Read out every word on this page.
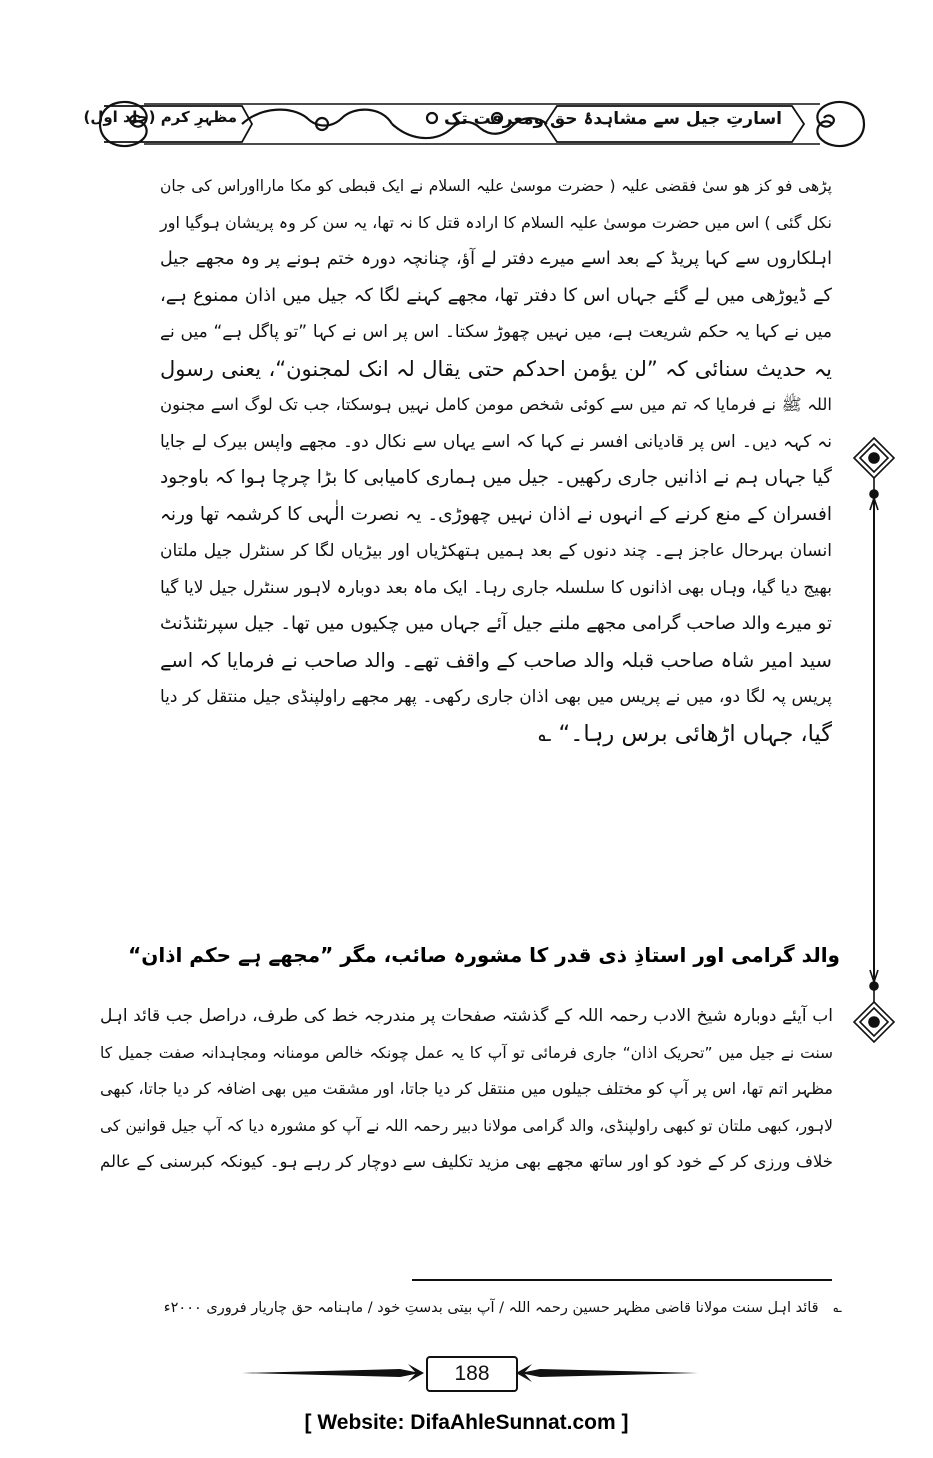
اسارتِ جیل سے مشاہدۂ حق ومعرفت تک
مظہرِ کرم (جلد اول)
پڑھی فو کز ھو سیٰ فقضی علیہ ( حضرت موسیٰ علیہ السلام نے ایک قبطی کو مکا مارااوراس کی جان
نکل گئی ) اس میں حضرت موسیٰ علیہ السلام کا ارادہ قتل کا نہ تھا، یہ سن کر وہ پریشان ہوگیا اور
اہلکاروں سے کہا پریڈ کے بعد اسے میرے دفتر لے آؤ، چنانچہ دورہ ختم ہونے پر وہ مجھے جیل
کے ڈیوڑھی میں لے گئے جہاں اس کا دفتر تھا، مجھے کہنے لگا کہ جیل میں اذان ممنوع ہے،
میں نے کہا یہ حکم شریعت ہے، میں نہیں چھوڑ سکتا۔ اس پر اس نے کہا ”تو پاگل ہے“ میں نے
یہ حدیث سنائی کہ ”لن یؤمن احدکم حتی یقال لہ انک لمجنون“، یعنی رسول
اللہ ﷺ نے فرمایا کہ تم میں سے کوئی شخص مومن کامل نہیں ہوسکتا، جب تک لوگ اسے مجنون
نہ کہہ دیں۔ اس پر قادیانی افسر نے کہا کہ اسے یہاں سے نکال دو۔ مجھے واپس بیرک لے جایا
گیا جہاں ہم نے اذانیں جاری رکھیں۔ جیل میں ہماری کامیابی کا بڑا چرچا ہوا کہ باوجود
افسران کے منع کرنے کے انہوں نے اذان نہیں چھوڑی۔ یہ نصرت الٰہی کا کرشمہ تھا ورنہ
انسان بہرحال عاجز ہے۔ چند دنوں کے بعد ہمیں ہتھکڑیاں اور بیڑیاں لگا کر سنٹرل جیل ملتان
بھیج دیا گیا، وہاں بھی اذانوں کا سلسلہ جاری رہا۔ ایک ماہ بعد دوبارہ لاہور سنٹرل جیل لایا گیا
تو میرے والد صاحب گرامی مجھے ملنے جیل آئے جہاں میں چکیوں میں تھا۔ جیل سپرنٹنڈنٹ
سید امیر شاہ صاحب قبلہ والد صاحب کے واقف تھے۔ والد صاحب نے فرمایا کہ اسے
پریس پہ لگا دو، میں نے پریس میں بھی اذان جاری رکھی۔ پھر مجھے راولپنڈی جیل منتقل کر دیا
گیا، جہاں اڑھائی برس رہا۔“ ؎
والد گرامی اور استاذِ ذی قدر کا مشورہ صائب، مگر ”مجھے ہے حکم اذان“
اب آیئے دوبارہ شیخ الادب رحمہ اللہ کے گذشتہ صفحات پر مندرجہ خط کی طرف، دراصل جب قائد اہل
سنت نے جیل میں ”تحریک اذان“ جاری فرمائی تو آپ کا یہ عمل چونکہ خالص مومنانہ ومجاہدانہ صفت جمیل کا
مظہر اتم تھا، اس پر آپ کو مختلف جیلوں میں منتقل کر دیا جاتا، اور مشقت میں بھی اضافہ کر دیا جاتا، کبھی
لاہور، کبھی ملتان تو کبھی راولپنڈی، والد گرامی مولانا دبیر رحمہ اللہ نے آپ کو مشورہ دیا کہ آپ جیل قوانین کی
خلاف ورزی کر کے خود کو اور ساتھ مجھے بھی مزید تکلیف سے دوچار کر رہے ہو۔ کیونکہ کبرسنی کے عالم
؎ قائد اہل سنت مولانا قاضی مظہر حسین رحمہ اللہ / آپ بیتی بدستِ خود / ماہنامہ حق چاریار فروری ۲۰۰۰ء
188
[ Website: DifaAhleSunnat.com ]
